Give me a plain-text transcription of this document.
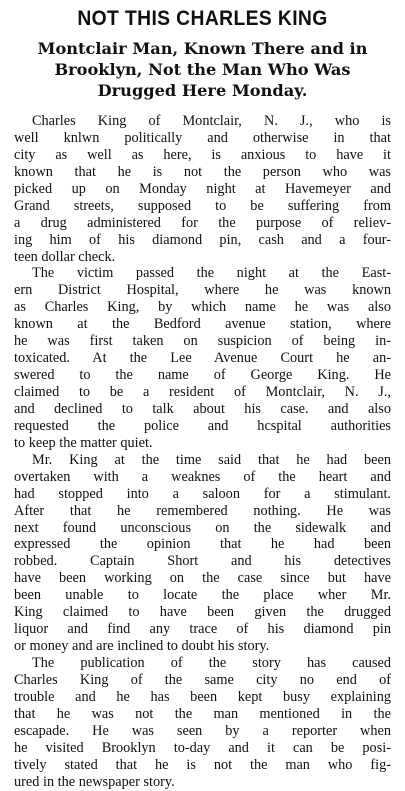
NOT THIS CHARLES KING
Montclair Man, Known There and in
Brooklyn, Not the Man Who Was
Drugged Here Monday.
Charles King of Montclair, N. J., who is
well knlwn politically and otherwise in that
city as well as here, is anxious to have it
known that he is not the person who was
picked up on Monday night at Havemeyer and
Grand streets, supposed to be suffering from
a drug administered for the purpose of reliev-
ing him of his diamond pin, cash and a four-
teen dollar check.
The victim passed the night at the East-
ern District Hospital, where he was known
as Charles King, by which name he was also
known at the Bedford avenue station, where
he was first taken on suspicion of being in-
toxicated. At the Lee Avenue Court he an-
swered to the name of George King. He
claimed to be a resident of Montclair, N. J.,
and declined to talk about his case. and also
requested the police and hcspital authorities
to keep the matter quiet.
Mr. King at the time said that he had been
overtaken with a weaknes of the heart and
had stopped into a saloon for a stimulant.
After that he remembered nothing. He was
next found unconscious on the sidewalk and
expressed the opinion that he had been
robbed. Captain Short and his detectives
have been working on the case since but have
been unable to locate the place wher Mr.
King claimed to have been given the drugged
liquor and find any trace of his diamond pin
or money and are inclined to doubt his story.
The publication of the story has caused
Charles King of the same city no end of
trouble and he has been kept busy explaining
that he was not the man mentioned in the
escapade. He was seen by a reporter when
he visited Brooklyn to-day and it can be posi-
tively stated that he is not the man who fig-
ured in the newspaper story.
